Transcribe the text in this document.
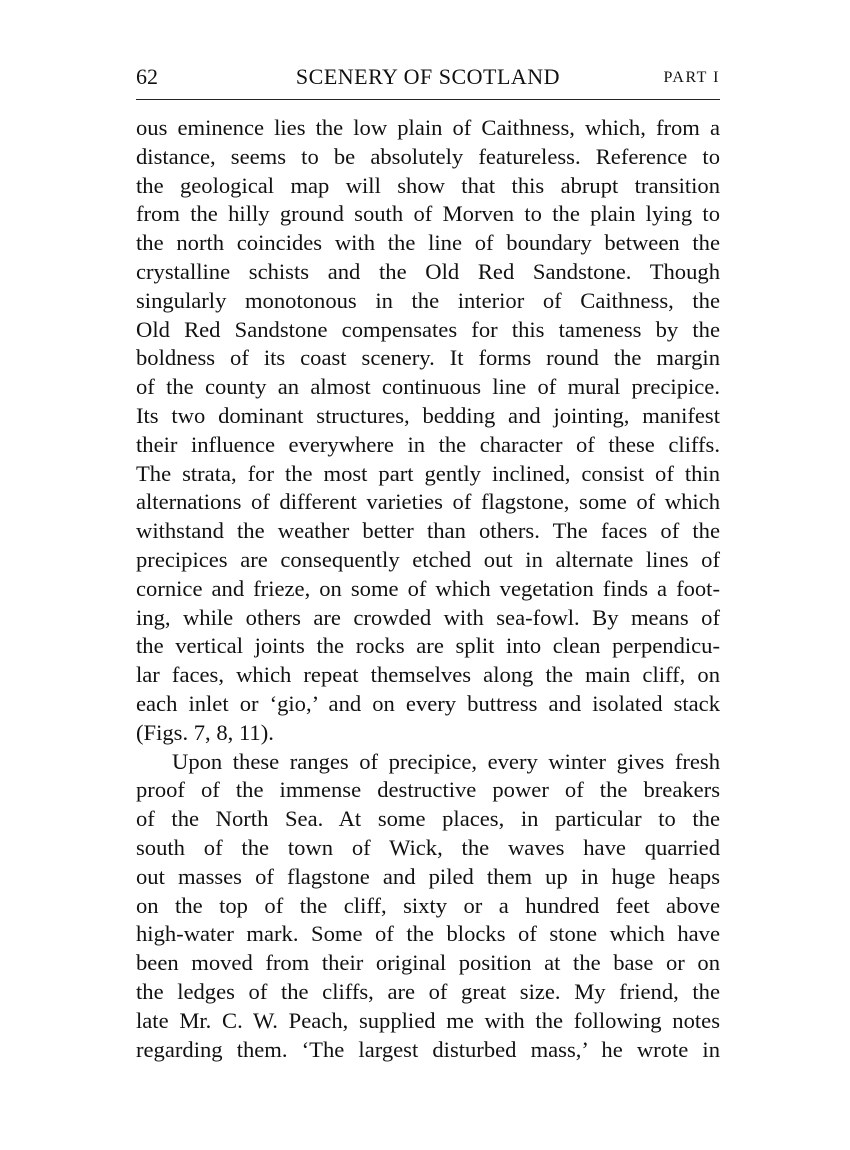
62	SCENERY OF SCOTLAND	PART I
ous eminence lies the low plain of Caithness, which, from a
distance, seems to be absolutely featureless. Reference to
the geological map will show that this abrupt transition
from the hilly ground south of Morven to the plain lying to
the north coincides with the line of boundary between the
crystalline schists and the Old Red Sandstone. Though
singularly monotonous in the interior of Caithness, the
Old Red Sandstone compensates for this tameness by the
boldness of its coast scenery. It forms round the margin
of the county an almost continuous line of mural precipice.
Its two dominant structures, bedding and jointing, manifest
their influence everywhere in the character of these cliffs.
The strata, for the most part gently inclined, consist of thin
alternations of different varieties of flagstone, some of which
withstand the weather better than others. The faces of the
precipices are consequently etched out in alternate lines of
cornice and frieze, on some of which vegetation finds a foot-
ing, while others are crowded with sea-fowl. By means of
the vertical joints the rocks are split into clean perpendicu-
lar faces, which repeat themselves along the main cliff, on
each inlet or ‘gio,’ and on every buttress and isolated stack
(Figs. 7, 8, 11).
Upon these ranges of precipice, every winter gives fresh
proof of the immense destructive power of the breakers
of the North Sea. At some places, in particular to the
south of the town of Wick, the waves have quarried
out masses of flagstone and piled them up in huge heaps
on the top of the cliff, sixty or a hundred feet above
high-water mark. Some of the blocks of stone which have
been moved from their original position at the base or on
the ledges of the cliffs, are of great size. My friend, the
late Mr. C. W. Peach, supplied me with the following notes
regarding them. ‘The largest disturbed mass,’ he wrote in
